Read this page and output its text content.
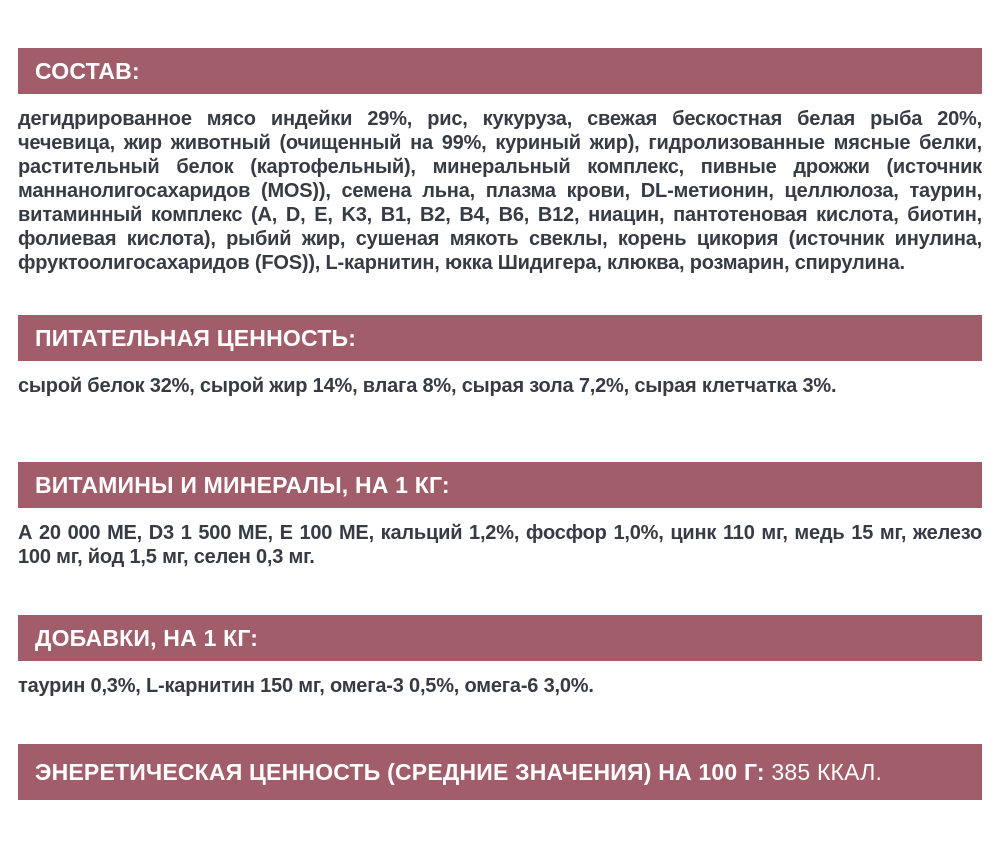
СОСТАВ:

дегидрированное мясо индейки 29%, рис, кукуруза, свежая бескостная белая рыба 20%, чечевица, жир животный (очищенный на 99%, куриный жир), гидролизованные мясные белки, растительный белок (картофельный), минеральный комплекс, пивные дрожжи (источник маннанолигосахаридов (MOS)), семена льна, плазма крови, DL-метионин, целлюлоза, таурин, витаминный комплекс (A, D, E, K3, B1, B2, B4, B6, B12, ниацин, пантотеновая кислота, биотин, фолиевая кислота), рыбий жир, сушеная мякоть свеклы, корень цикория (источник инулина, фруктоолигосахаридов (FOS)), L-карнитин, юкка Шидигера, клюква, розмарин, спирулина.

ПИТАТЕЛЬНАЯ ЦЕННОСТЬ:

сырой белок 32%, сырой жир 14%, влага 8%, сырая зола 7,2%, сырая клетчатка 3%.

ВИТАМИНЫ И МИНЕРАЛЫ, НА 1 КГ:

А 20 000 МЕ, D3 1 500 МЕ, Е 100 МЕ, кальций 1,2%, фосфор 1,0%, цинк 110 мг, медь 15 мг, железо 100 мг, йод 1,5 мг, селен 0,3 мг.

ДОБАВКИ, НА 1 КГ:

таурин 0,3%, L-карнитин 150 мг, омега-3 0,5%, омега-6 3,0%.

ЭНЕРЕТИЧЕСКАЯ ЦЕННОСТЬ (СРЕДНИЕ ЗНАЧЕНИЯ) НА 100 Г: 385 ККАЛ.
